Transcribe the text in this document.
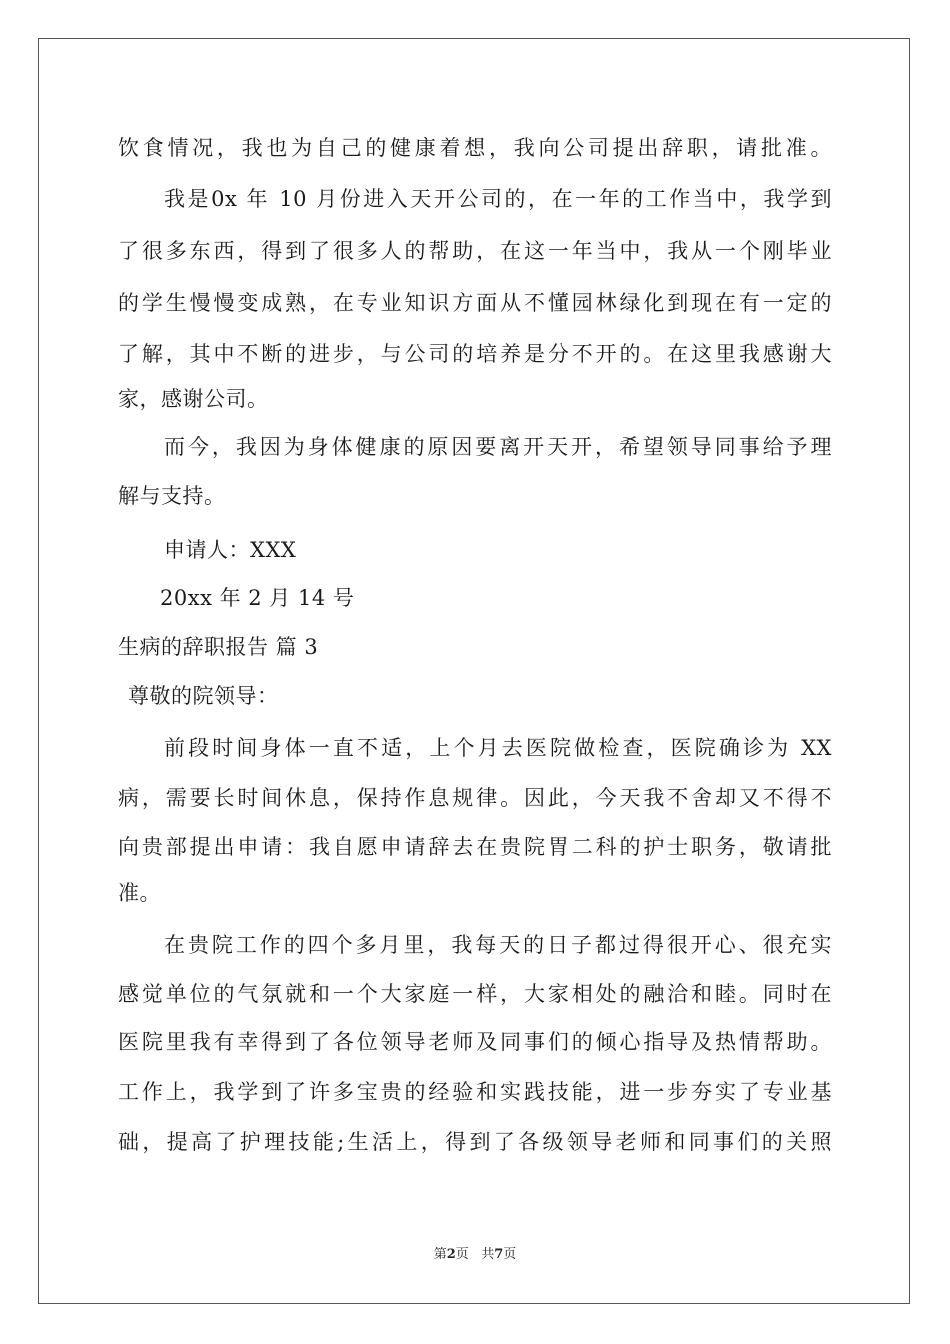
饮食情况，我也为自己的健康着想，我向公司提出辞职，请批准。
我是0x 年 10 月份进入天开公司的，在一年的工作当中，我学到
了很多东西，得到了很多人的帮助，在这一年当中，我从一个刚毕业
的学生慢慢变成熟，在专业知识方面从不懂园林绿化到现在有一定的
了解，其中不断的进步，与公司的培养是分不开的。在这里我感谢大
家，感谢公司。
而今，我因为身体健康的原因要离开天开，希望领导同事给予理
解与支持。
申请人：XXX
20xx 年 2 月 14 号
生病的辞职报告 篇 3
尊敬的院领导：
前段时间身体一直不适，上个月去医院做检查，医院确诊为 XX
病，需要长时间休息，保持作息规律。因此，今天我不舍却又不得不
向贵部提出申请：我自愿申请辞去在贵院胃二科的护士职务，敬请批
准。
在贵院工作的四个多月里，我每天的日子都过得很开心、很充实
感觉单位的气氛就和一个大家庭一样，大家相处的融洽和睦。同时在
医院里我有幸得到了各位领导老师及同事们的倾心指导及热情帮助。
工作上，我学到了许多宝贵的经验和实践技能，进一步夯实了专业基
础，提高了护理技能;生活上，得到了各级领导老师和同事们的关照
第2页 共7页
